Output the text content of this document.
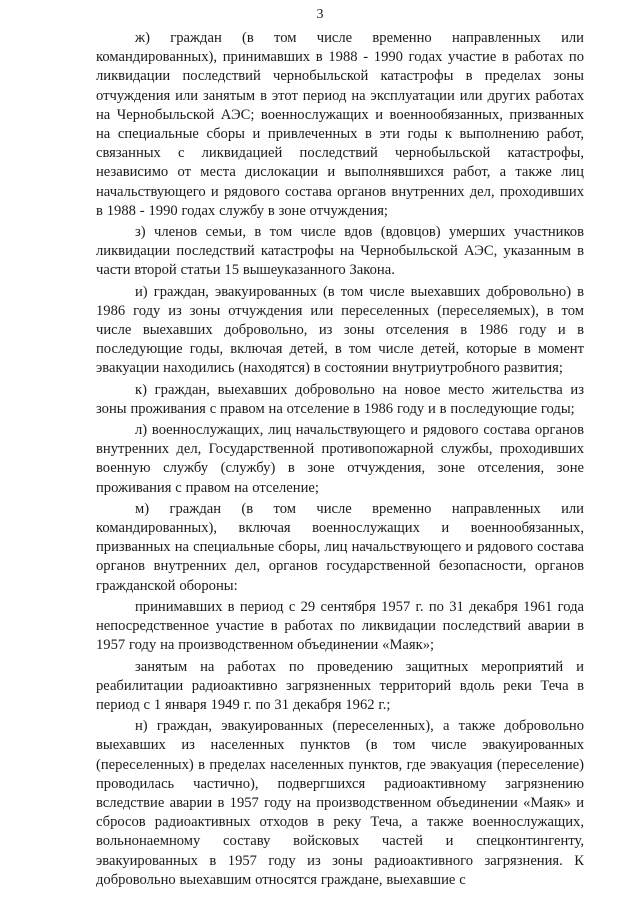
3

ж) граждан (в том числе временно направленных или командированных), принимавших в 1988 - 1990 годах участие в работах по ликвидации последствий чернобыльской катастрофы в пределах зоны отчуждения или занятым в этот период на эксплуатации или других работах на Чернобыльской АЭС; военнослужащих и военнообязанных, призванных на специальные сборы и привлеченных в эти годы к выполнению работ, связанных с ликвидацией последствий чернобыльской катастрофы, независимо от места дислокации и выполнявшихся работ, а также лиц начальствующего и рядового состава органов внутренних дел, проходивших в 1988 - 1990 годах службу в зоне отчуждения;

з) членов семьи, в том числе вдов (вдовцов) умерших участников ликвидации последствий катастрофы на Чернобыльской АЭС, указанным в части второй статьи 15 вышеуказанного Закона.

и) граждан, эвакуированных (в том числе выехавших добровольно) в 1986 году из зоны отчуждения или переселенных (переселяемых), в том числе выехавших добровольно, из зоны отселения в 1986 году и в последующие годы, включая детей, в том числе детей, которые в момент эвакуации находились (находятся) в состоянии внутриутробного развития;

к) граждан, выехавших добровольно на новое место жительства из зоны проживания с правом на отселение в 1986 году и в последующие годы;

л) военнослужащих, лиц начальствующего и рядового состава органов внутренних дел, Государственной противопожарной службы, проходивших военную службу (службу) в зоне отчуждения, зоне отселения, зоне проживания с правом на отселение;

м) граждан (в том числе временно направленных или командированных), включая военнослужащих и военнообязанных, призванных на специальные сборы, лиц начальствующего и рядового состава органов внутренних дел, органов государственной безопасности, органов гражданской обороны:

принимавших в период с 29 сентября 1957 г. по 31 декабря 1961 года непосредственное участие в работах по ликвидации последствий аварии в 1957 году на производственном объединении «Маяк»;

занятым на работах по проведению защитных мероприятий и реабилитации радиоактивно загрязненных территорий вдоль реки Теча в период с 1 января 1949 г. по 31 декабря 1962 г.;

н) граждан, эвакуированных (переселенных), а также добровольно выехавших из населенных пунктов (в том числе эвакуированных (переселенных) в пределах населенных пунктов, где эвакуация (переселение) проводилась частично), подвергшихся радиоактивному загрязнению вследствие аварии в 1957 году на производственном объединении «Маяк» и сбросов радиоактивных отходов в реку Теча, а также военнослужащих, вольнонаемному составу войсковых частей и спецконтингенту, эвакуированных в 1957 году из зоны радиоактивного загрязнения. К добровольно выехавшим относятся граждане, выехавшие с
